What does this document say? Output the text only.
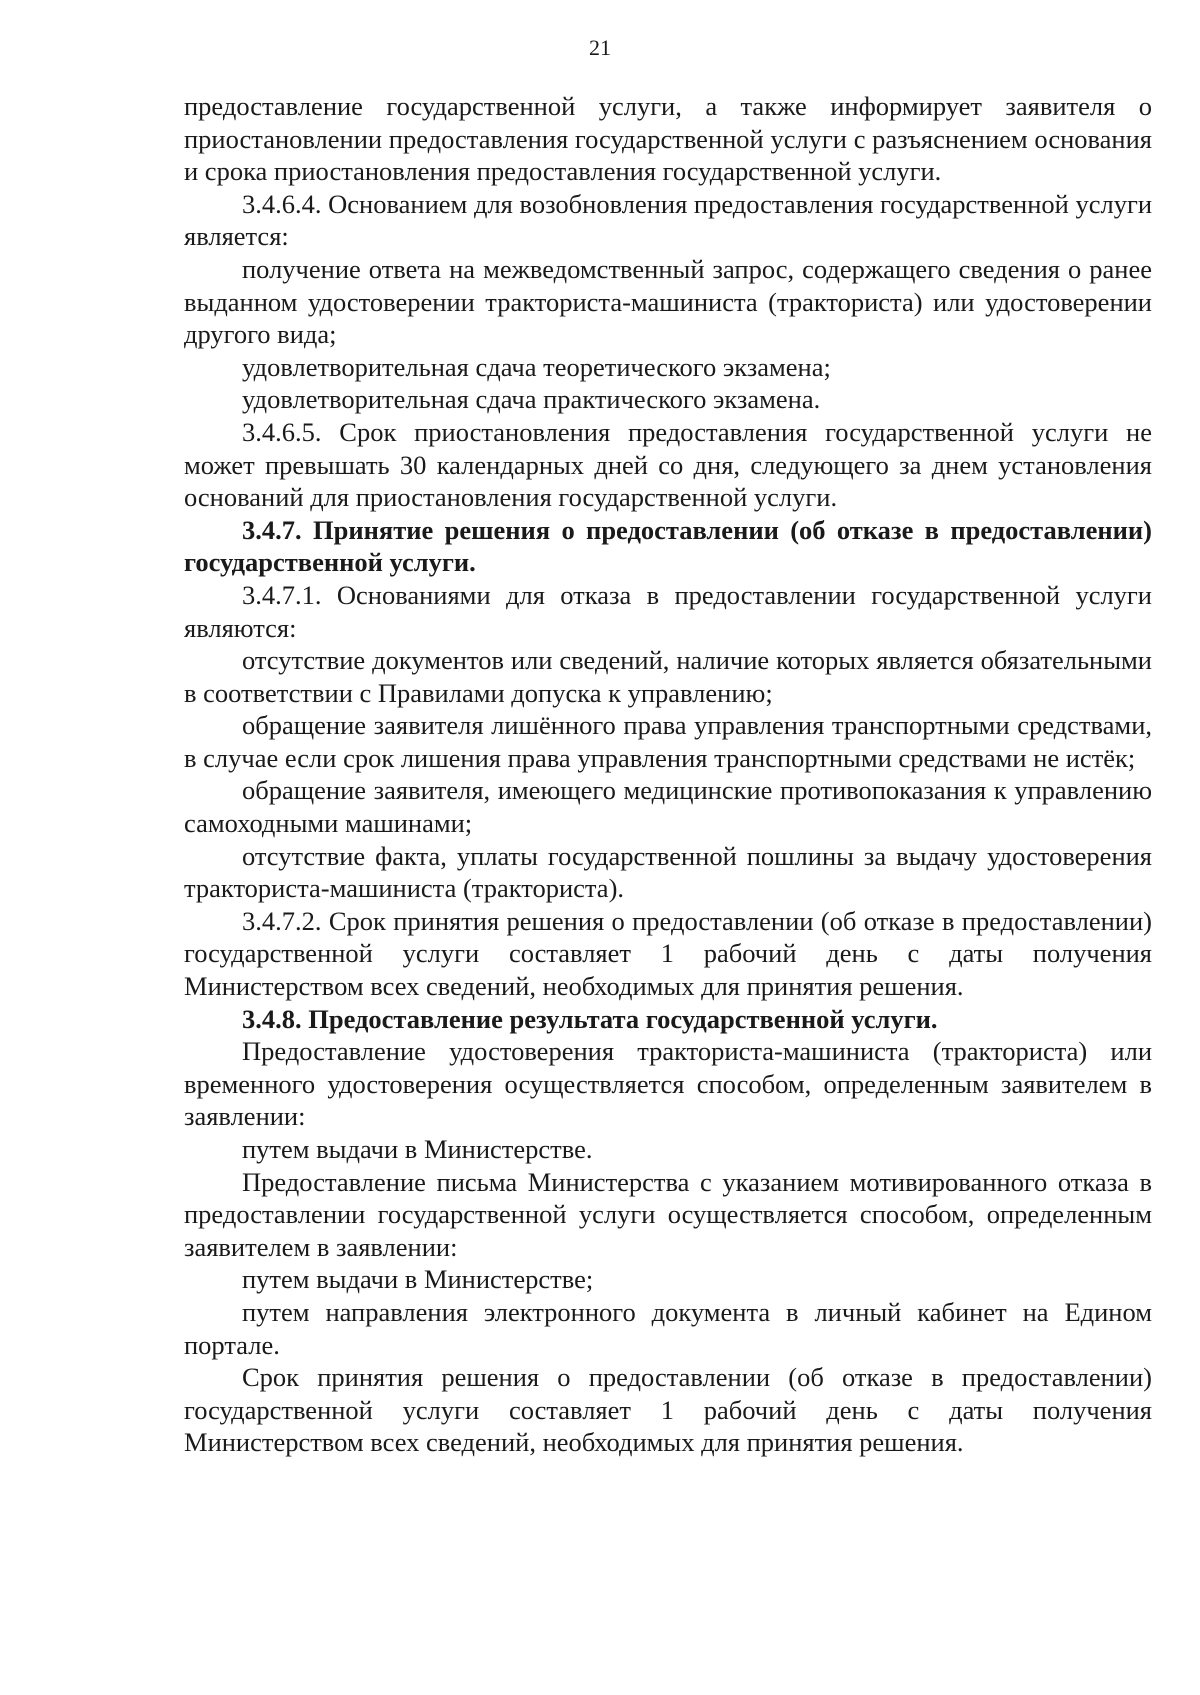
21

предоставление государственной услуги, а также информирует заявителя о приостановлении предоставления государственной услуги с разъяснением основания и срока приостановления предоставления государственной услуги.

3.4.6.4. Основанием для возобновления предоставления государственной услуги является:

получение ответа на межведомственный запрос, содержащего сведения о ранее выданном удостоверении тракториста-машиниста (тракториста) или удостоверении другого вида;

удовлетворительная сдача теоретического экзамена;

удовлетворительная сдача практического экзамена.

3.4.6.5. Срок приостановления предоставления государственной услуги не может превышать 30 календарных дней со дня, следующего за днем установления оснований для приостановления государственной услуги.

3.4.7. Принятие решения о предоставлении (об отказе в предоставлении) государственной услуги.

3.4.7.1. Основаниями для отказа в предоставлении государственной услуги являются:

отсутствие документов или сведений, наличие которых является обязательными в соответствии с Правилами допуска к управлению;

обращение заявителя лишённого права управления транспортными средствами, в случае если срок лишения права управления транспортными средствами не истёк;

обращение заявителя, имеющего медицинские противопоказания к управлению самоходными машинами;

отсутствие факта, уплаты государственной пошлины за выдачу удостоверения тракториста-машиниста (тракториста).

3.4.7.2. Срок принятия решения о предоставлении (об отказе в предоставлении) государственной услуги составляет 1 рабочий день с даты получения Министерством всех сведений, необходимых для принятия решения.

3.4.8. Предоставление результата государственной услуги.

Предоставление удостоверения тракториста-машиниста (тракториста) или временного удостоверения осуществляется способом, определенным заявителем в заявлении:

путем выдачи в Министерстве.

Предоставление письма Министерства с указанием мотивированного отказа в предоставлении государственной услуги осуществляется способом, определенным заявителем в заявлении:

путем выдачи в Министерстве;

путем направления электронного документа в личный кабинет на Едином портале.

Срок принятия решения о предоставлении (об отказе в предоставлении) государственной услуги составляет 1 рабочий день с даты получения Министерством всех сведений, необходимых для принятия решения.
